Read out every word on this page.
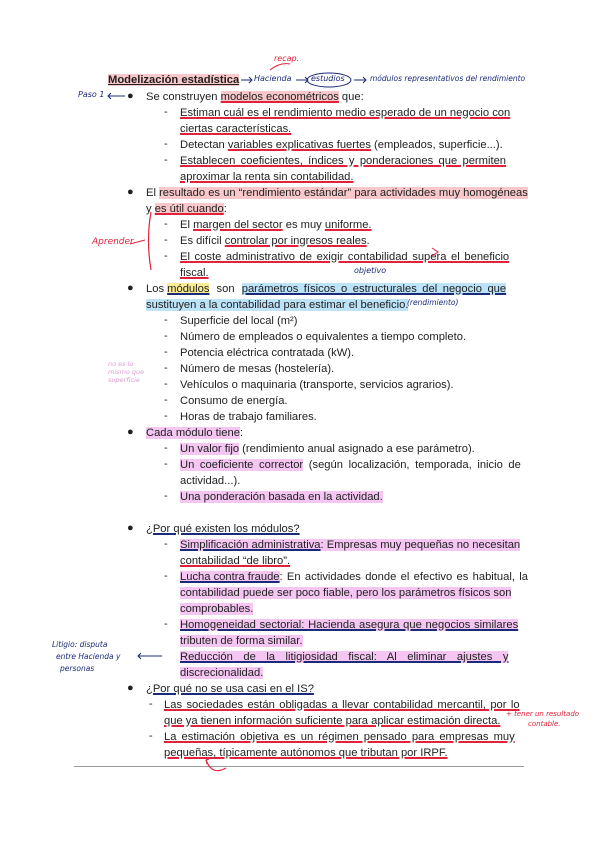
Modelización estadística
recap.
Hacienda estudios	módulos representativos del rendimiento
Paso 1 ● Se construyen modelos econométricos que:
- Estiman cuál es el rendimiento medio esperado de un negocio con
ciertas características.
- Detectan variables explicativas fuertes (empleados, superficie...).
- Establecen coeficientes, índices y ponderaciones que permiten
aproximar la renta sin contabilidad.
● El resultado es un “rendimiento estándar” para actividades muy homogéneas
y es útil cuando:
Aprender
- El margen del sector es muy uniforme.
- Es difícil controlar por ingresos reales.
- El coste administrativo de exigir contabilidad supera el beneficio
fiscal.	objetivo
● Los módulos son parámetros físicos o estructurales del negocio que
sustituyen a la contabilidad para estimar el beneficio.
(rendimiento)
no es lo
mismo que
superficie
- Superficie del local (m²)
- Número de empleados o equivalentes a tiempo completo.
- Potencia eléctrica contratada (kW).
- Número de mesas (hostelería).
- Vehículos o maquinaria (transporte, servicios agrarios).
- Consumo de energía.
- Horas de trabajo familiares.
● Cada módulo tiene:
- Un valor fijo (rendimiento anual asignado a ese parámetro).
- Un coeficiente corrector (según localización, temporada, inicio de
actividad...).
- Una ponderación basada en la actividad.
● ¿Por qué existen los módulos?
- Simplificación administrativa: Empresas muy pequeñas no necesitan
contabilidad “de libro”.
- Lucha contra fraude: En actividades donde el efectivo es habitual, la
contabilidad puede ser poco fiable, pero los parámetros físicos son
comprobables.
- Homogeneidad sectorial: Hacienda asegura que negocios similares
tributen de forma similar.
Litigio: disputa
entre Hacienda y
personas
Reducción de la litigiosidad fiscal: Al eliminar ajustes y
discrecionalidad.
● ¿Por qué no se usa casi en el IS?
- Las sociedades están obligadas a llevar contabilidad mercantil, por lo
que ya tienen información suficiente para aplicar estimación directa.
+ tener un resultado
contable.
- La estimación objetiva es un régimen pensado para empresas muy
pequeñas, típicamente autónomos que tributan por IRPF.
